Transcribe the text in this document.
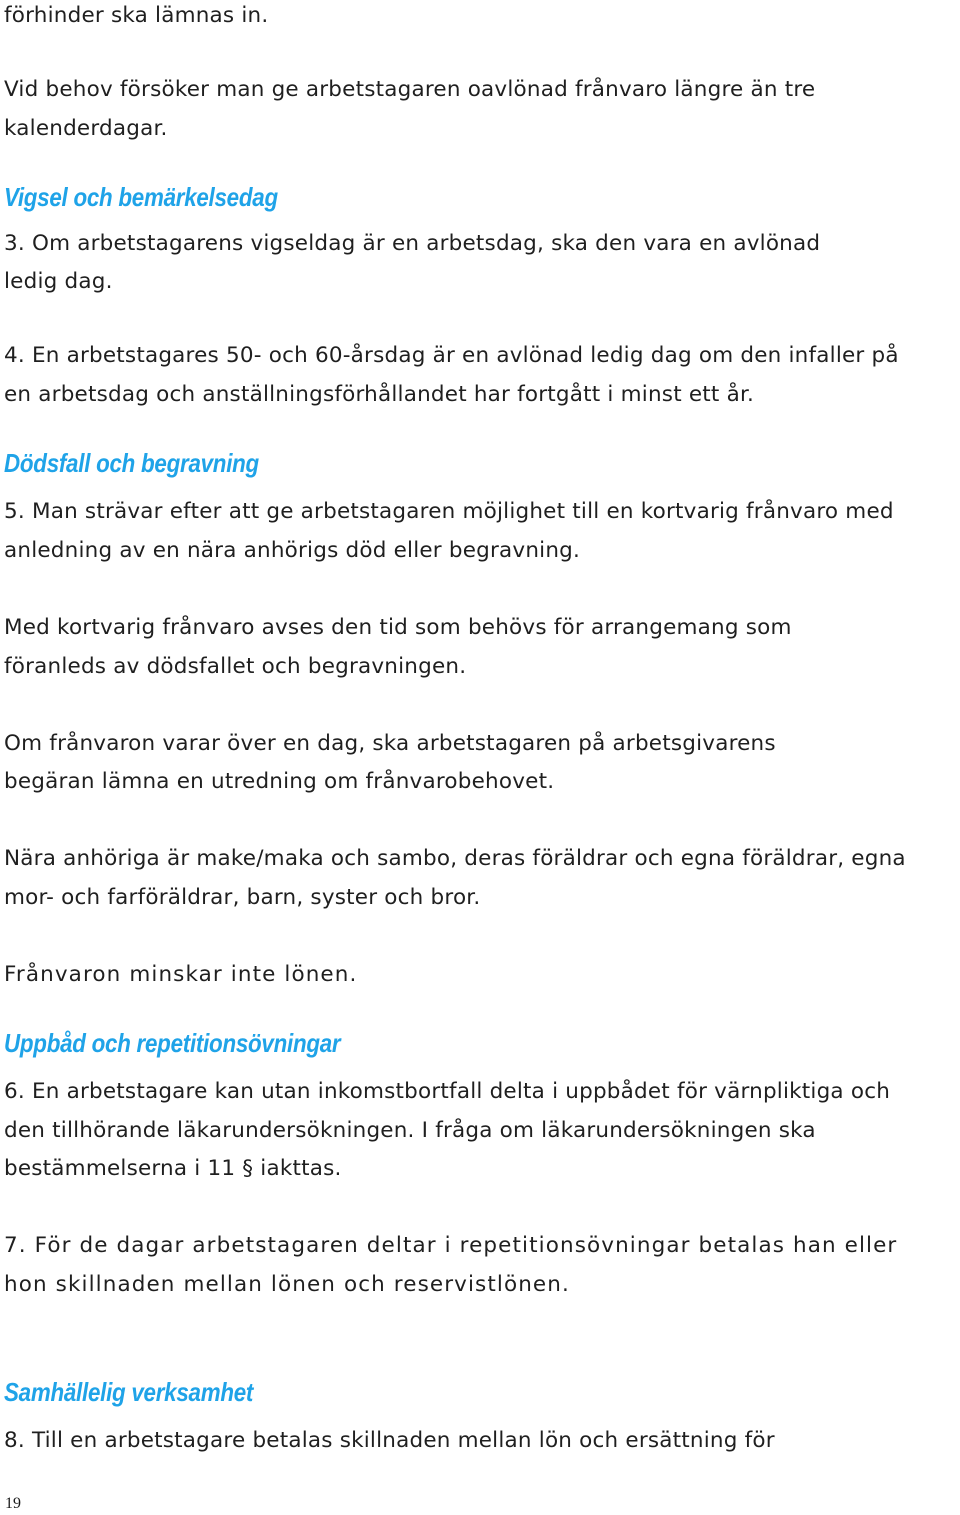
förhinder ska lämnas in.

Vid behov försöker man ge arbetstagaren oavlönad frånvaro längre än tre

kalenderdagar.

Vigsel och bemärkelsedag

3. Om arbetstagarens vigseldag är en arbetsdag, ska den vara en avlönad

ledig dag.

4. En arbetstagares 50- och 60-årsdag är en avlönad ledig dag om den infaller på

en arbetsdag och anställningsförhållandet har fortgått i minst ett år.

Dödsfall och begravning

5. Man strävar efter att ge arbetstagaren möjlighet till en kortvarig frånvaro med

anledning av en nära anhörigs död eller begravning.

Med kortvarig frånvaro avses den tid som behövs för arrangemang som

föranleds av dödsfallet och begravningen.

Om frånvaron varar över en dag, ska arbetstagaren på arbetsgivarens

begäran lämna en utredning om frånvarobehovet.

Nära anhöriga är make/maka och sambo, deras föräldrar och egna föräldrar, egna

mor- och farföräldrar, barn, syster och bror.

Frånvaron minskar inte lönen.

Uppbåd och repetitionsövningar

6. En arbetstagare kan utan inkomstbortfall delta i uppbådet för värnpliktiga och

den tillhörande läkarundersökningen. I fråga om läkarundersökningen ska

bestämmelserna i 11 § iakttas.

7. För de dagar arbetstagaren deltar i repetitionsövningar betalas han eller

hon skillnaden mellan lönen och reservistlönen.

Samhällelig verksamhet

8. Till en arbetstagare betalas skillnaden mellan lön och ersättning för

19
